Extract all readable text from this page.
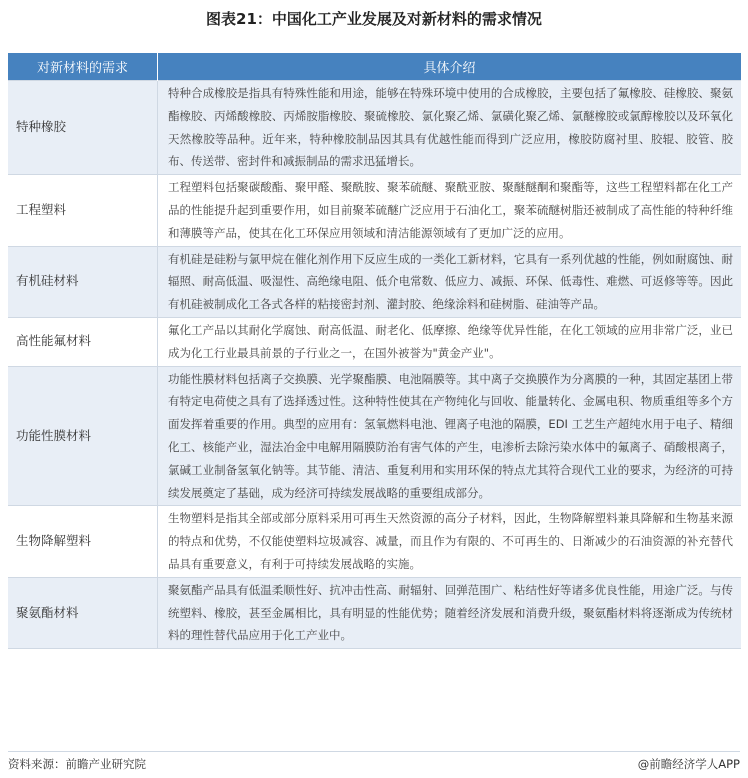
图表21：中国化工产业发展及对新材料的需求情况
对新材料的需求	具体介绍
特种橡胶	特种合成橡胶是指具有特殊性能和用途，能够在特殊环境中使用的合成橡胶，主要包括了氟橡胶、硅橡胶、聚氨酯橡胶、丙烯酸橡胶、丙烯胺脂橡胶、聚硫橡胶、氯化聚乙烯、氯磺化聚乙烯、氯醚橡胶或氯醇橡胶以及环氧化天然橡胶等品种。近年来，特种橡胶制品因其具有优越性能而得到广泛应用，橡胶防腐衬里、胶辊、胶管、胶布、传送带、密封件和减振制品的需求迅猛增长。
工程塑料	工程塑料包括聚碳酸酯、聚甲醛、聚酰胺、聚苯硫醚、聚酰亚胺、聚醚醚酮和聚酯等，这些工程塑料都在化工产品的性能提升起到重要作用，如目前聚苯硫醚广泛应用于石油化工，聚苯硫醚树脂还被制成了高性能的特种纤维和薄膜等产品，使其在化工环保应用领域和清洁能源领域有了更加广泛的应用。
有机硅材料	有机硅是硅粉与氯甲烷在催化剂作用下反应生成的一类化工新材料，它具有一系列优越的性能，例如耐腐蚀、耐辐照、耐高低温、吸湿性、高绝缘电阻、低介电常数、低应力、减振、环保、低毒性、难燃、可返修等等。因此有机硅被制成化工各式各样的粘接密封剂、灌封胶、绝缘涂料和硅树脂、硅油等产品。
高性能氟材料	氟化工产品以其耐化学腐蚀、耐高低温、耐老化、低摩擦、绝缘等优异性能，在化工领域的应用非常广泛，业已成为化工行业最具前景的子行业之一，在国外被誉为"黄金产业"。
功能性膜材料	功能性膜材料包括离子交换膜、光学聚酯膜、电池隔膜等。其中离子交换膜作为分离膜的一种，其固定基团上带有特定电荷使之具有了选择透过性。这种特性使其在产物纯化与回收、能量转化、金属电积、物质重组等多个方面发挥着重要的作用。典型的应用有：氢氧燃料电池、锂离子电池的隔膜，EDI 工艺生产超纯水用于电子、精细化工、核能产业，湿法冶金中电解用隔膜防治有害气体的产生，电渗析去除污染水体中的氟离子、硝酸根离子，氯碱工业制备氢氧化钠等。其节能、清洁、重复利用和实用环保的特点尤其符合现代工业的要求，为经济的可持续发展奠定了基础，成为经济可持续发展战略的重要组成部分。
生物降解塑料	生物塑料是指其全部或部分原料采用可再生天然资源的高分子材料，因此，生物降解塑料兼具降解和生物基来源的特点和优势，不仅能使塑料垃圾减容、减量，而且作为有限的、不可再生的、日渐减少的石油资源的补充替代品具有重要意义，有利于可持续发展战略的实施。
聚氨酯材料	聚氨酯产品具有低温柔顺性好、抗冲击性高、耐辐射、回弹范围广、粘结性好等诸多优良性能，用途广泛。与传统塑料、橡胶，甚至金属相比，具有明显的性能优势；随着经济发展和消费升级，聚氨酯材料将逐渐成为传统材料的理性替代品应用于化工产业中。
资料来源：前瞻产业研究院	@前瞻经济学人APP
